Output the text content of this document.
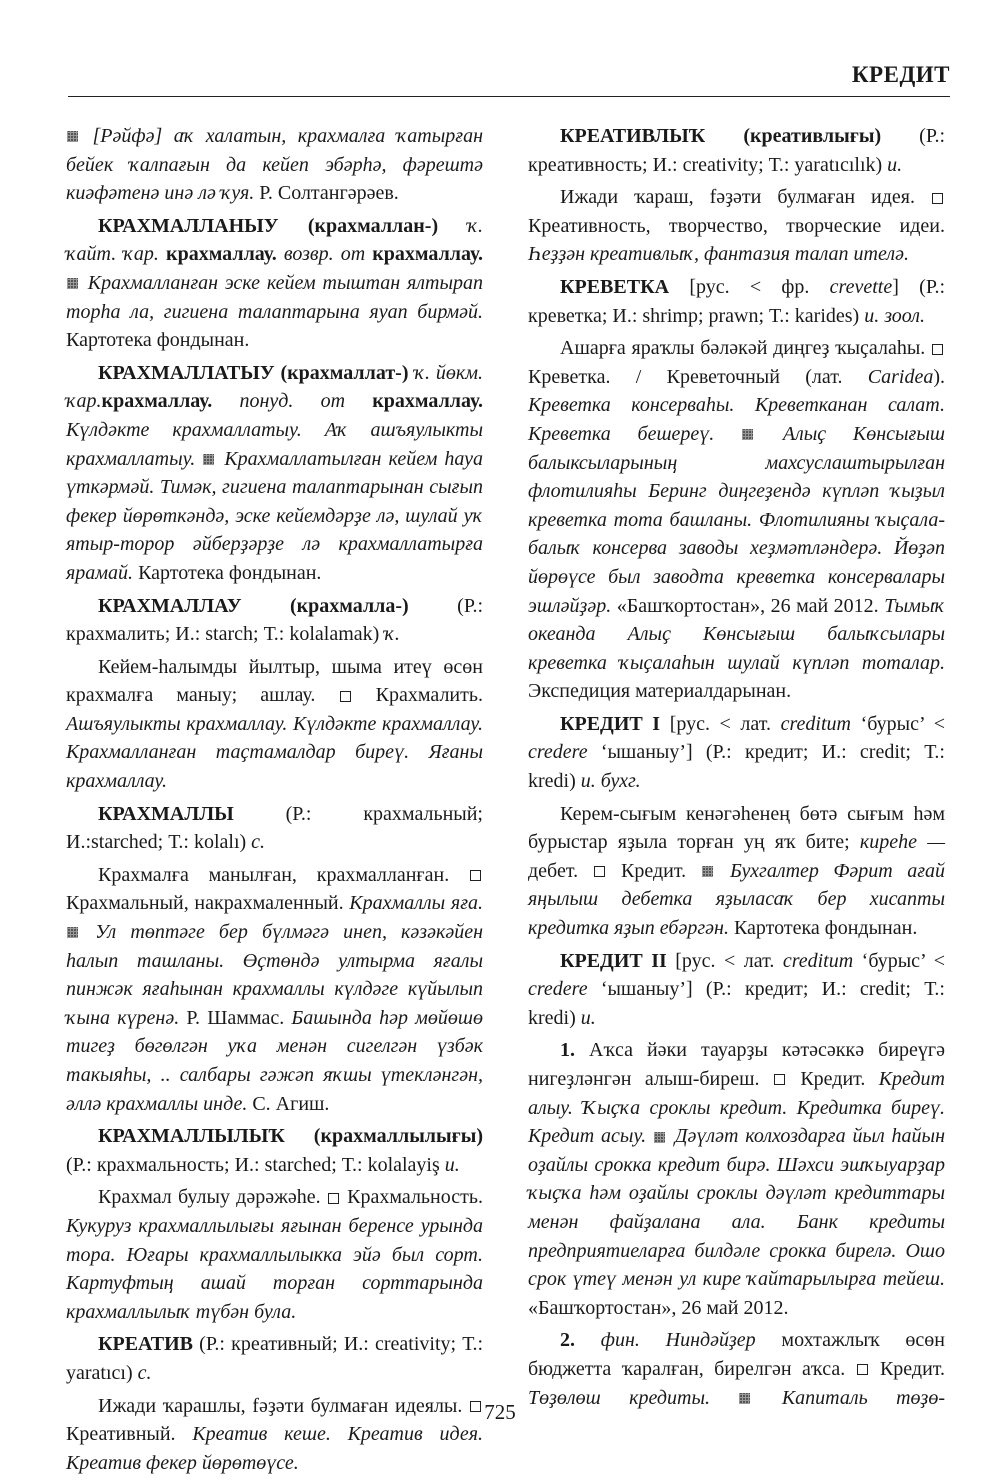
КРЕДИТ

[Рәйфә] аҡ халатын, крахмалға ҡатырған бейек ҡалпағын да кейеп эбәрһә, фәрештә киәфәтенә инә лә ҡуя. Р. Солтангәрәев.

КРАХМАЛЛАНЫУ (крахмаллан-) ҡ. ҡайт. ҡар. крахмаллау. возвр. от крахмаллау.  Крахмалланған эске кейем тыштан ялтырап торһа ла, гигиена талаптарына яуап бирмәй. Картотека фондынан.

КРАХМАЛЛАТЫУ (крахмаллат-) ҡ. йөкм. ҡар.крахмаллау. понуд. от крахмаллау. Күлдәкте крахмаллатыу. Аҡ ашъяулыкты крахмаллатыу.  Крахмаллатылған кейем һауа үткәрмәй. Тимәк, гигиена талаптарынан сығып фекер йөрөткәндә, эске кейемдәрҙе лә, шулай уҡ ятыр-торор әйберҙәрҙе лә крахмаллатырға ярамай. Картотека фондынан.

КРАХМАЛЛАУ (крахмалла-) (Р.: крахмалить; И.: starch; Т.: kolalamak) ҡ.

Кейем-һалымды йылтыр, шыма итеү өсөн крахмалға маныу; ашлау.  Крахмалить. Ашъяулыкты крахмаллау. Күлдәкте крахмаллау. Крахмалланған таҫтамалдар биреү. Яғаны крахмаллау.

КРАХМАЛЛЫ (Р.: крахмальный; И.:starched; Т.: kolalı) с.

Крахмалға манылған, крахмалланған.  Крахмальный, накрахмаленный. Крахмаллы яға.  Ул төптәге бер бүлмәгә инеп, кәзәкәйен һалып ташланы. Өҫтөндә ултырма яғалы пинжәк яғаһынан крахмаллы күлдәге күйылып ҡына күренә. Р. Шаммас. Башында һәр мөйөшө тигеҙ бөгөлгән уҡа менән сигелгән үзбәк такыяһы, .. салбары гәжәп яҡшы үтекләнгән, әллә крахмаллы инде. С. Агиш.

КРАХМАЛЛЫЛЫҠ (крахмаллылығы) (Р.: крахмальность; И.: starched; Т.: kolalayiş и.

Крахмал булыу дәрәжәһе.  Крахмальность. Кукуруз крахмаллылығы яғынан беренсе урында тора. Юғары крахмаллылыкка эйә был сорт. Картуфтың ашай торған сорттарында крахмаллылыҡ түбән була.

КРЕАТИВ (Р.: креативный; И.: creativity; Т.: yaratıcı) с.

Ижади ҡарашлы, fәҙәти булмаған идеялы.  Креативный. Креатив кеше. Креатив идея. Креатив фекер йөрөтөүсе.

КРЕАТИВЛЫҠ (креативлығы) (Р.: креативность; И.: creativity; Т.: yaratıcılık) и.

Ижади ҡараш, fәҙәти булмаған идея.  Креативность, творчество, творческие идеи. Һеҙҙән креативлыҡ, фантазия талап ителә.

КРЕВЕТКА [рус. < фр. crevette] (Р.: креветка; И.: shrimp; prawn; Т.: karides) и. зоол.

Ашарға яраҡлы бәләкәй диңгеҙ ҡыҫалаһы.  Креветка. / Креветочный (лат. Caridea). Креветка консерваһы. Креветканан салат. Креветка бешереү.  Алыҫ Көнсығыш балыксыларының махсуслаштырылған флотилияһы Беринг диңгеҙендә күпләп ҡыҙыл креветка тота башланы. Флотилияны ҡыҫала-балыҡ консерва заводы хеҙмәтләндерә. Йөҙәп йөрөүсе был заводта креветка консервалары эшләйҙәр. «Башҡортостан», 26 май 2012. Тымыҡ океанда Алыҫ Көнсығыш балыҡсылары креветка ҡыҫалаһын шулай күпләп тоталар. Экспедиция материалдарынан.

КРЕДИТ I [рус. < лат. creditum ‘бурыс’ < credere ‘ышаныу’] (Р.: кредит; И.: credit; Т.: kredi) и. бухг.

Керем-сығым кенәгәһенең бөтә сығым һәм бурыстар яҙыла торған уң яҡ бите; киреһе — дебет.  Кредит.  Бухгалтер Фәрит ағай яңылыш дебетка яҙыласаҡ бер хисапты кредитка яҙып ебәргән. Картотека фондынан.

КРЕДИТ II [рус. < лат. creditum ‘бурыс’ < credere ‘ышаныу’] (Р.: кредит; И.: credit; Т.: kredi) и.

1. Аҡса йәки тауарҙы кәтәсәккә биреүгә нигеҙләнгән алыш-биреш.  Кредит. Кредит алыу. Ҡыҫҡа сроклы кредит. Кредитка биреү. Кредит асыу.  Дәүләт колхоздарға йыл һайын оҙайлы срокка кредит бирә. Шәхси эшҡыуарҙар ҡыҫҡа һәм оҙайлы сроклы дәүләт кредиттары менән файҙалана ала. Банк кредиты предприятиеларға билдәле срокка бирелә. Ошо срок үтеү менән ул кире ҡайтарылырға тейеш. «Башҡортостан», 26 май 2012.

2. фин. Ниндәйҙер мохтажлыҡ өсөн бюджетта ҡаралған, бирелгән аҡса.  Кредит. Төҙөлөш кредиты.  Капиталь төҙө-

725
